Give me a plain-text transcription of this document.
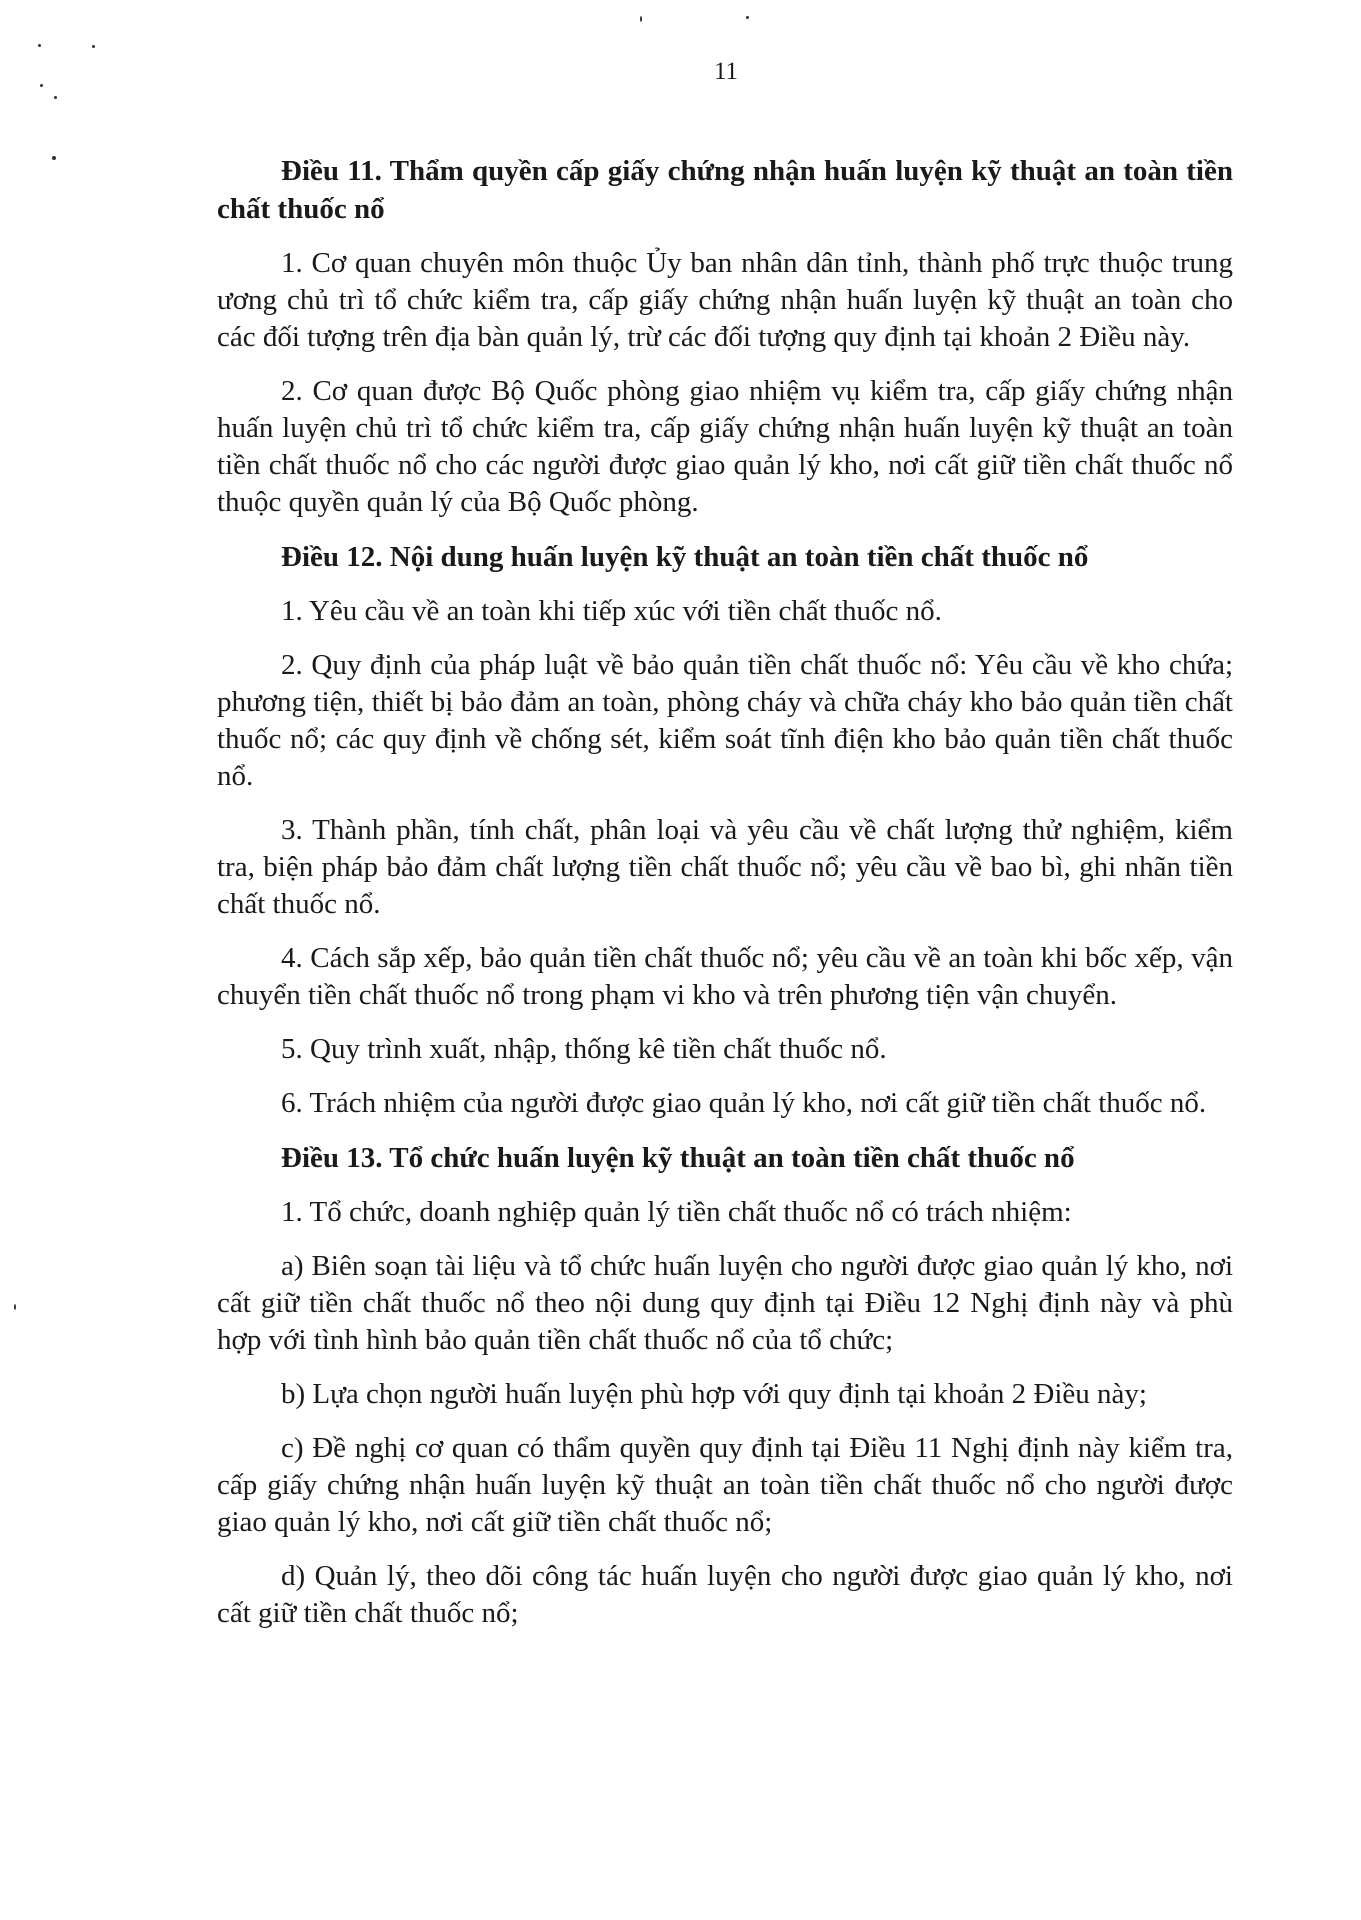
11

Điều 11. Thẩm quyền cấp giấy chứng nhận huấn luyện kỹ thuật an toàn tiền chất thuốc nổ

1. Cơ quan chuyên môn thuộc Ủy ban nhân dân tỉnh, thành phố trực thuộc trung ương chủ trì tổ chức kiểm tra, cấp giấy chứng nhận huấn luyện kỹ thuật an toàn cho các đối tượng trên địa bàn quản lý, trừ các đối tượng quy định tại khoản 2 Điều này.

2. Cơ quan được Bộ Quốc phòng giao nhiệm vụ kiểm tra, cấp giấy chứng nhận huấn luyện chủ trì tổ chức kiểm tra, cấp giấy chứng nhận huấn luyện kỹ thuật an toàn tiền chất thuốc nổ cho các người được giao quản lý kho, nơi cất giữ tiền chất thuốc nổ thuộc quyền quản lý của Bộ Quốc phòng.

Điều 12. Nội dung huấn luyện kỹ thuật an toàn tiền chất thuốc nổ

1. Yêu cầu về an toàn khi tiếp xúc với tiền chất thuốc nổ.

2. Quy định của pháp luật về bảo quản tiền chất thuốc nổ: Yêu cầu về kho chứa; phương tiện, thiết bị bảo đảm an toàn, phòng cháy và chữa cháy kho bảo quản tiền chất thuốc nổ; các quy định về chống sét, kiểm soát tĩnh điện kho bảo quản tiền chất thuốc nổ.

3. Thành phần, tính chất, phân loại và yêu cầu về chất lượng thử nghiệm, kiểm tra, biện pháp bảo đảm chất lượng tiền chất thuốc nổ; yêu cầu về bao bì, ghi nhãn tiền chất thuốc nổ.

4. Cách sắp xếp, bảo quản tiền chất thuốc nổ; yêu cầu về an toàn khi bốc xếp, vận chuyển tiền chất thuốc nổ trong phạm vi kho và trên phương tiện vận chuyển.

5. Quy trình xuất, nhập, thống kê tiền chất thuốc nổ.

6. Trách nhiệm của người được giao quản lý kho, nơi cất giữ tiền chất thuốc nổ.

Điều 13. Tổ chức huấn luyện kỹ thuật an toàn tiền chất thuốc nổ

1. Tổ chức, doanh nghiệp quản lý tiền chất thuốc nổ có trách nhiệm:

a) Biên soạn tài liệu và tổ chức huấn luyện cho người được giao quản lý kho, nơi cất giữ tiền chất thuốc nổ theo nội dung quy định tại Điều 12 Nghị định này và phù hợp với tình hình bảo quản tiền chất thuốc nổ của tổ chức;

b) Lựa chọn người huấn luyện phù hợp với quy định tại khoản 2 Điều này;

c) Đề nghị cơ quan có thẩm quyền quy định tại Điều 11 Nghị định này kiểm tra, cấp giấy chứng nhận huấn luyện kỹ thuật an toàn tiền chất thuốc nổ cho người được giao quản lý kho, nơi cất giữ tiền chất thuốc nổ;

d) Quản lý, theo dõi công tác huấn luyện cho người được giao quản lý kho, nơi cất giữ tiền chất thuốc nổ;
